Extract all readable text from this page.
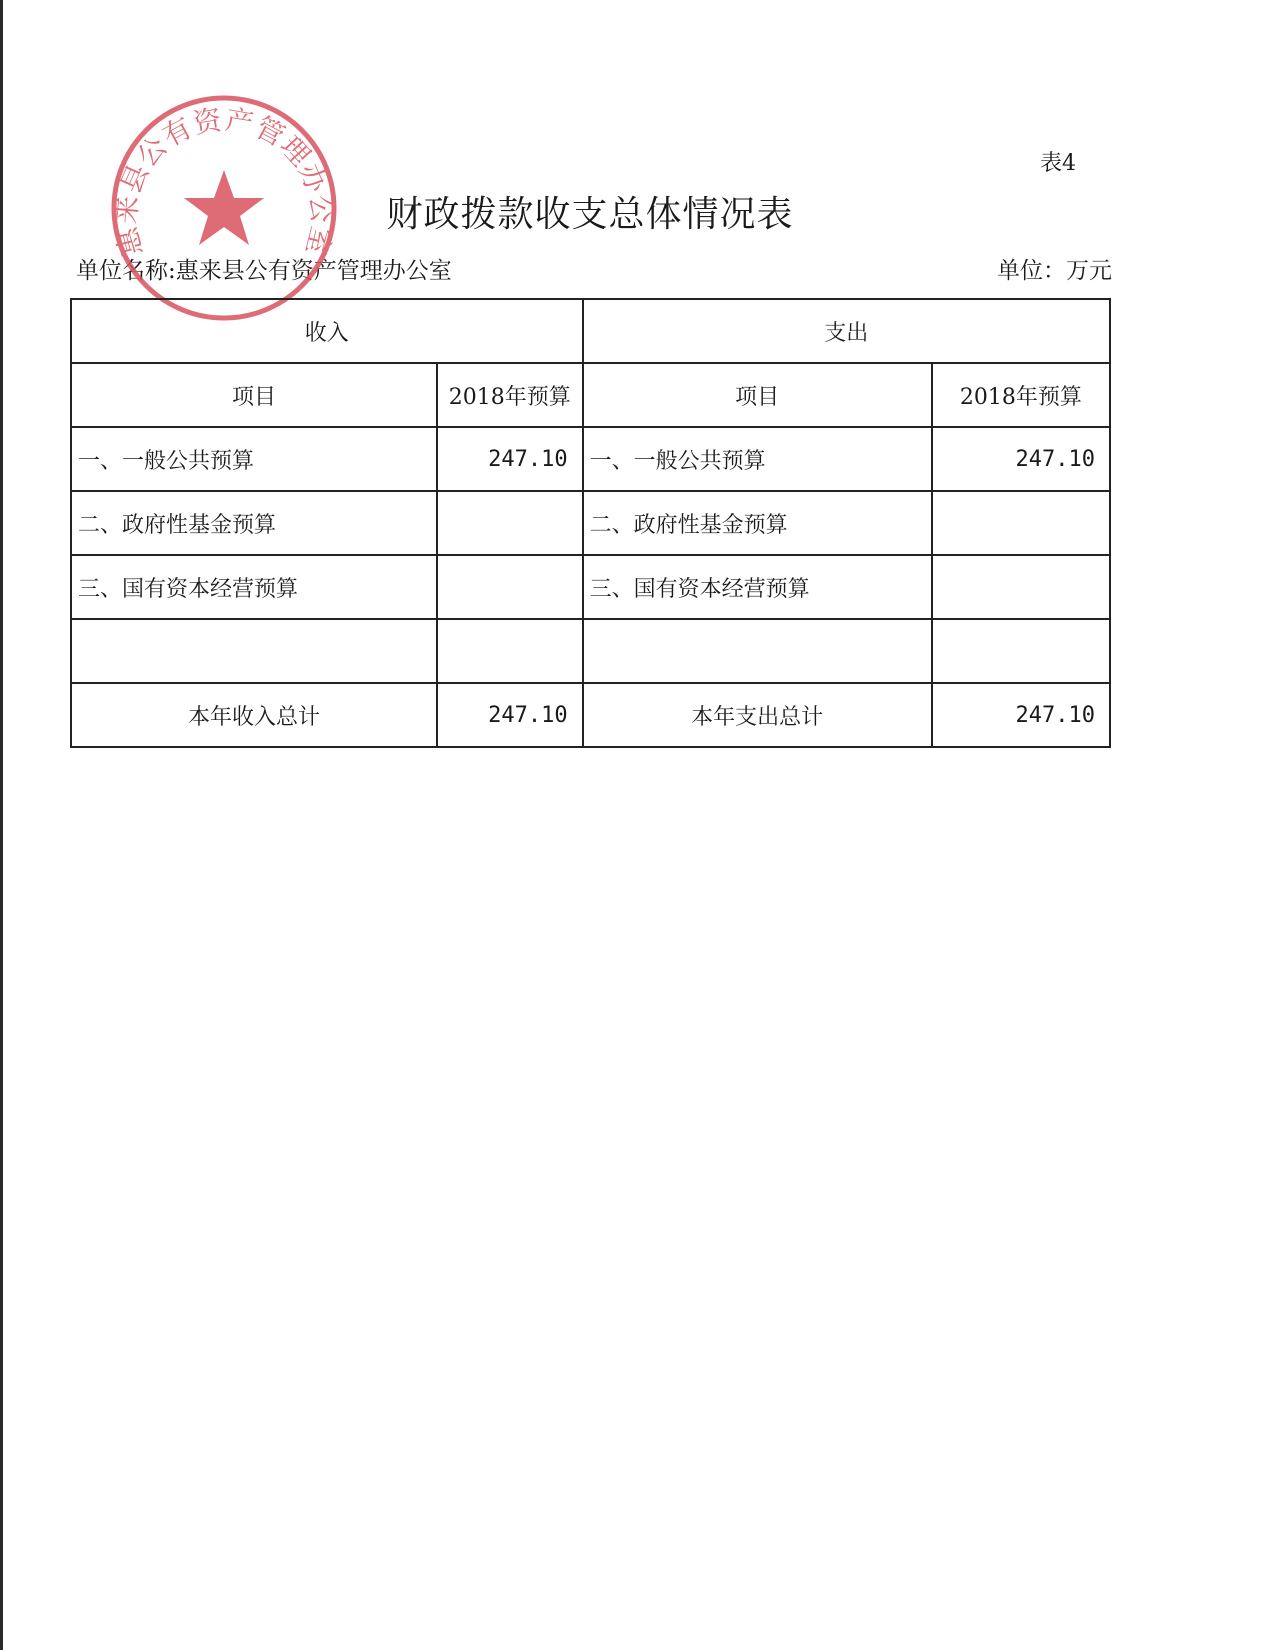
表4
财政拨款收支总体情况表
单位名称:惠来县公有资产管理办公室	单位：万元
惠来县公有资产管理办公室
收入		支出	
项目	2018年预算	项目	2018年预算
一、一般公共预算	247.10	一、一般公共预算	247.10
二、政府性基金预算		二、政府性基金预算	
三、国有资本经营预算		三、国有资本经营预算	

本年收入总计	247.10	本年支出总计	247.10
